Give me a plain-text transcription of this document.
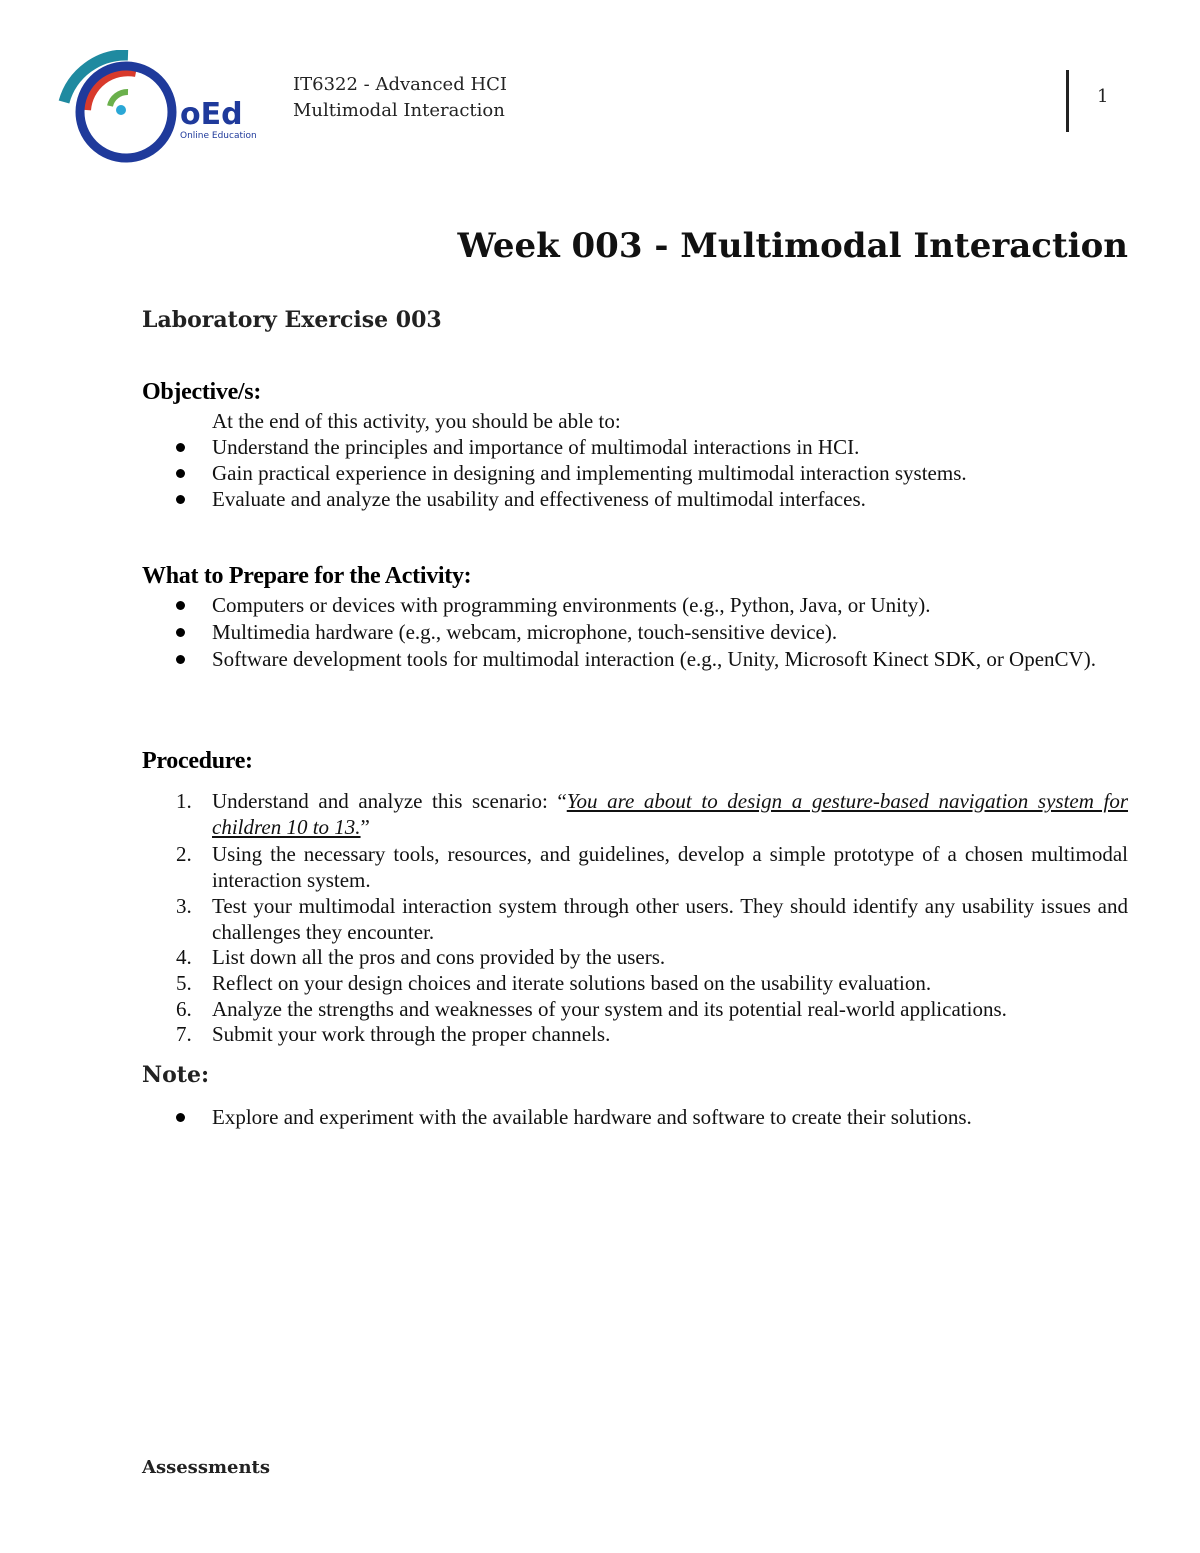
oEd
Online Education
IT6322 - Advanced HCI
Multimodal Interaction
1
Week 003 - Multimodal Interaction
Laboratory Exercise 003
Objective/s:
At the end of this activity, you should be able to:
Understand the principles and importance of multimodal interactions in HCI.
Gain practical experience in designing and implementing multimodal interaction systems.
Evaluate and analyze the usability and effectiveness of multimodal interfaces.
What to Prepare for the Activity:
Computers or devices with programming environments (e.g., Python, Java, or Unity).
Multimedia hardware (e.g., webcam, microphone, touch-sensitive device).
Software development tools for multimodal interaction (e.g., Unity, Microsoft Kinect SDK, or OpenCV).
Procedure:
1. Understand and analyze this scenario: “You are about to design a gesture-based navigation system for children 10 to 13.”
2. Using the necessary tools, resources, and guidelines, develop a simple prototype of a chosen multimodal interaction system.
3. Test your multimodal interaction system through other users. They should identify any usability issues and challenges they encounter.
4. List down all the pros and cons provided by the users.
5. Reflect on your design choices and iterate solutions based on the usability evaluation.
6. Analyze the strengths and weaknesses of your system and its potential real-world applications.
7. Submit your work through the proper channels.
Note:
Explore and experiment with the available hardware and software to create their solutions.
Assessments
